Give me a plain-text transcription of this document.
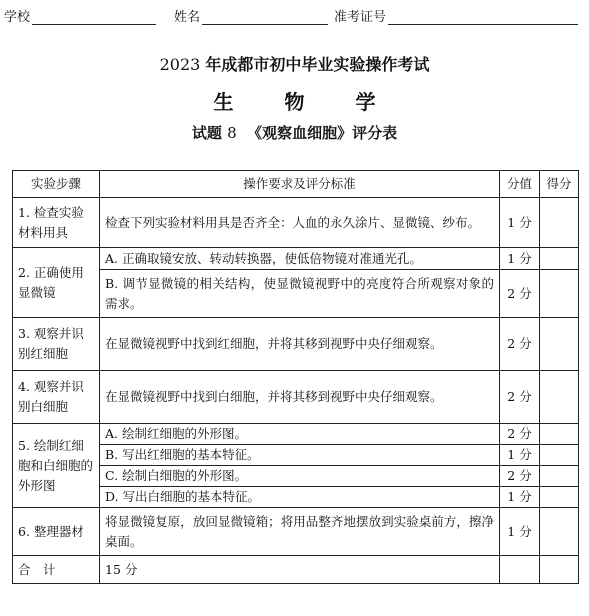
学校	姓名	准考证号
2023 年成都市初中毕业实验操作考试
生 物 学
试题 8 《观察血细胞》评分表
实验步骤	操作要求及评分标准	分值	得分
1. 检查实验材料用具	检查下列实验材料用具是否齐全：人血的永久涂片、显微镜、纱布。	1 分	
2. 正确使用显微镜	A. 正确取镜安放、转动转换器，使低倍物镜对准通光孔。	1 分	
	B. 调节显微镜的相关结构，使显微镜视野中的亮度符合所观察对象的需求。	2 分	
3. 观察并识别红细胞	在显微镜视野中找到红细胞，并将其移到视野中央仔细观察。	2 分	
4. 观察并识别白细胞	在显微镜视野中找到白细胞，并将其移到视野中央仔细观察。	2 分	
5. 绘制红细胞和白细胞的外形图	A. 绘制红细胞的外形图。	2 分	
	B. 写出红细胞的基本特征。	1 分	
	C. 绘制白细胞的外形图。	2 分	
	D. 写出白细胞的基本特征。	1 分	
6. 整理器材	将显微镜复原，放回显微镜箱；将用品整齐地摆放到实验桌前方，擦净桌面。	1 分	
合　计	15 分		
